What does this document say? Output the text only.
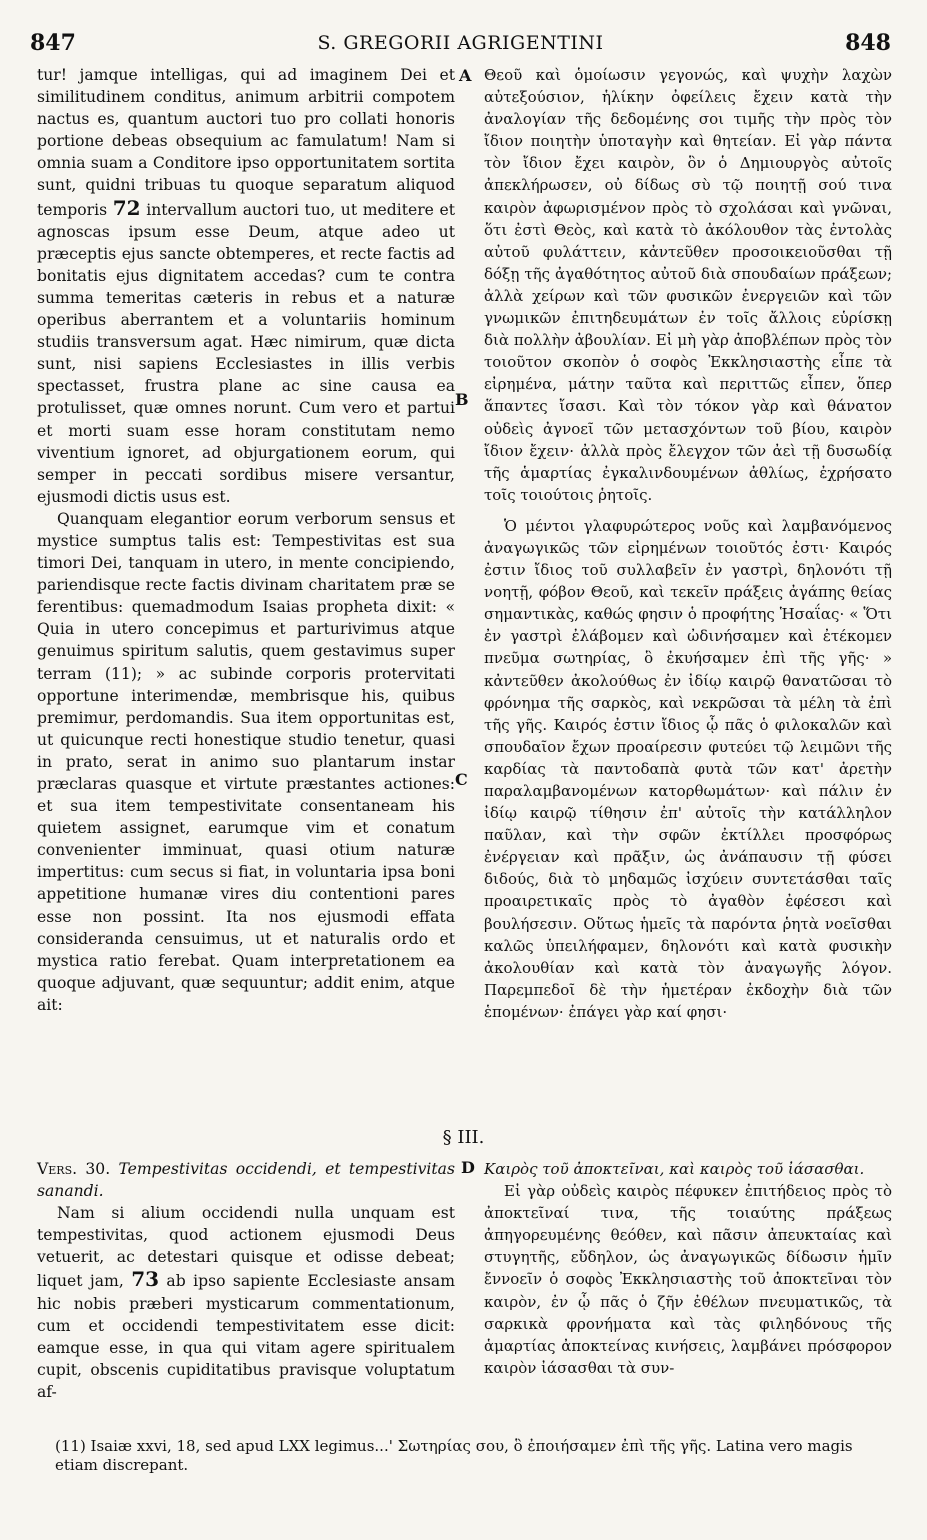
847	S. GREGORII AGRIGENTINI	848

tur! jamque intelligas, qui ad imaginem Dei et similitudinem conditus, animum arbitrii compotem nactus es, quantum auctori tuo pro collati honoris portione debeas obsequium ac famulatum! Nam si omnia suam a Conditore ipso opportunitatem sortita sunt, quidni tribuas tu quoque separatum aliquod temporis 72 intervallum auctori tuo, ut meditere et agnoscas ipsum esse Deum, atque adeo ut præceptis ejus sancte obtemperes, et recte factis ad bonitatis ejus dignitatem accedas? cum te contra summa temeritas cæteris in rebus et a naturæ operibus aberrantem et a voluntariis hominum studiis transversum agat. Hæc nimirum, quæ dicta sunt, nisi sapiens Ecclesiastes in illis verbis spectasset, frustra plane ac sine causa ea protulisset, quæ omnes norunt. Cum vero et partui et morti suam esse horam constitutam nemo viventium ignoret, ad objurgationem eorum, qui semper in peccati sordibus misere versantur, ejusmodi dictis usus est.

Quanquam elegantior eorum verborum sensus et mystice sumptus talis est: Tempestivitas est sua timori Dei, tanquam in utero, in mente concipiendo, pariendisque recte factis divinam charitatem præ se ferentibus: quemadmodum Isaias propheta dixit: « Quia in utero concepimus et parturivimus atque genuimus spiritum salutis, quem gestavimus super terram (11); » ac subinde corporis protervitati opportune interimendæ, membrisque his, quibus premimur, perdomandis. Sua item opportunitas est, ut quicunque recti honestique studio tenetur, quasi in prato, serat in animo suo plantarum instar præclaras quasque et virtute præstantes actiones: et sua item tempestivitate consentaneam his quietem assignet, earumque vim et conatum convenienter imminuat, quasi otium naturæ impertitus: cum secus si fiat, in voluntaria ipsa boni appetitione humanæ vires diu contentioni pares esse non possint. Ita nos ejusmodi effata consideranda censuimus, ut et naturalis ordo et mystica ratio ferebat. Quam interpretationem ea quoque adjuvant, quæ sequuntur; addit enim, atque ait:

Θεοῦ καὶ ὁμοίωσιν γεγονώς, καὶ ψυχὴν λαχὼν αὐτεξούσιον, ἡλίκην ὀφείλεις ἔχειν κατὰ τὴν ἀναλογίαν τῆς δεδομένης σοι τιμῆς τὴν πρὸς τὸν ἴδιον ποιητὴν ὑποταγὴν καὶ θητείαν. Εἰ γὰρ πάντα τὸν ἴδιον ἔχει καιρὸν, ὃν ὁ Δημιουργὸς αὐτοῖς ἀπεκλήρωσεν, οὐ δίδως σὺ τῷ ποιητῇ σού τινα καιρὸν ἀφωρισμένον πρὸς τὸ σχολάσαι καὶ γνῶναι, ὅτι ἐστὶ Θεὸς, καὶ κατὰ τὸ ἀκόλουθον τὰς ἐντολὰς αὐτοῦ φυλάττειν, κἀντεῦθεν προσοικειοῦσθαι τῇ δόξῃ τῆς ἀγαθότητος αὐτοῦ διὰ σπουδαίων πράξεων; ἀλλὰ χείρων καὶ τῶν φυσικῶν ἐνεργειῶν καὶ τῶν γνωμικῶν ἐπιτηδευμάτων ἐν τοῖς ἄλλοις εὑρίσκῃ διὰ πολλὴν ἀβουλίαν. Εἰ μὴ γὰρ ἀποβλέπων πρὸς τὸν τοιοῦτον σκοπὸν ὁ σοφὸς Ἐκκλησιαστὴς εἶπε τὰ εἰρημένα, μάτην ταῦτα καὶ περιττῶς εἶπεν, ὅπερ ἅπαντες ἴσασι. Καὶ τὸν τόκον γὰρ καὶ θάνατον οὐδεὶς ἀγνοεῖ τῶν μετασχόντων τοῦ βίου, καιρὸν ἴδιον ἔχειν· ἀλλὰ πρὸς ἔλεγχον τῶν ἀεὶ τῇ δυσωδίᾳ τῆς ἁμαρτίας ἐγκαλινδουμένων ἀθλίως, ἐχρήσατο τοῖς τοιούτοις ῥητοῖς.

Ὁ μέντοι γλαφυρώτερος νοῦς καὶ λαμβανόμενος ἀναγωγικῶς τῶν εἰρημένων τοιοῦτός ἐστι· Καιρός ἐστιν ἴδιος τοῦ συλλαβεῖν ἐν γαστρὶ, δηλονότι τῇ νοητῇ, φόβον Θεοῦ, καὶ τεκεῖν πράξεις ἀγάπης θείας σημαντικὰς, καθώς φησιν ὁ προφήτης Ἡσαΐας· « Ὅτι ἐν γαστρὶ ἐλάβομεν καὶ ὠδινήσαμεν καὶ ἐτέκομεν πνεῦμα σωτηρίας, ὃ ἐκυήσαμεν ἐπὶ τῆς γῆς· » κἀντεῦθεν ἀκολούθως ἐν ἰδίῳ καιρῷ θανατῶσαι τὸ φρόνημα τῆς σαρκὸς, καὶ νεκρῶσαι τὰ μέλη τὰ ἐπὶ τῆς γῆς. Καιρός ἐστιν ἴδιος ᾧ πᾶς ὁ φιλοκαλῶν καὶ σπουδαῖον ἔχων προαίρεσιν φυτεύει τῷ λειμῶνι τῆς καρδίας τὰ παντοδαπὰ φυτὰ τῶν κατ' ἀρετὴν παραλαμβανομένων κατορθωμάτων· καὶ πάλιν ἐν ἰδίῳ καιρῷ τίθησιν ἐπ' αὐτοῖς τὴν κατάλληλον παῦλαν, καὶ τὴν σφῶν ἐκτίλλει προσφόρως ἐνέργειαν καὶ πρᾶξιν, ὡς ἀνάπαυσιν τῇ φύσει διδούς, διὰ τὸ μηδαμῶς ἰσχύειν συντετάσθαι ταῖς προαιρετικαῖς πρὸς τὸ ἀγαθὸν ἐφέσεσι καὶ βουλήσεσιν. Οὕτως ἡμεῖς τὰ παρόντα ῥητὰ νοεῖσθαι καλῶς ὑπειλήφαμεν, δηλονότι καὶ κατὰ φυσικὴν ἀκολουθίαν καὶ κατὰ τὸν ἀναγωγῆς λόγον. Παρεμπεδοῖ δὲ τὴν ἡμετέραν ἐκδοχὴν διὰ τῶν ἑπομένων· ἐπάγει γὰρ καί φησι·

A
B
C
D
§ III.

Vers. 30. Tempestivitas occidendi, et tempestivitas sanandi.

Nam si alium occidendi nulla unquam est tempestivitas, quod actionem ejusmodi Deus vetuerit, ac detestari quisque et odisse debeat; liquet jam, 73 ab ipso sapiente Ecclesiaste ansam hic nobis præberi mysticarum commentationum, cum et occidendi tempestivitatem esse dicit: eamque esse, in qua qui vitam agere spiritualem cupit, obscenis cupiditatibus pravisque voluptatum af-

Καιρὸς τοῦ ἀποκτεῖναι, καὶ καιρὸς τοῦ ἰάσασθαι.

Εἰ γὰρ οὐδεὶς καιρὸς πέφυκεν ἐπιτήδειος πρὸς τὸ ἀποκτεῖναί τινα, τῆς τοιαύτης πράξεως ἀπηγορευμένης θεόθεν, καὶ πᾶσιν ἀπευκταίας καὶ στυγητῆς, εὔδηλον, ὡς ἀναγωγικῶς δίδωσιν ἡμῖν ἔννοεῖν ὁ σοφὸς Ἐκκλησιαστὴς τοῦ ἀποκτεῖναι τὸν καιρὸν, ἐν ᾧ πᾶς ὁ ζῆν ἐθέλων πνευματικῶς, τὰ σαρκικὰ φρονήματα καὶ τὰς φιληδόνους τῆς ἁμαρτίας ἀποκτείνας κινήσεις, λαμβάνει πρόσφορον καιρὸν ἰάσασθαι τὰ συν-

(11) Isaiæ xxvi, 18, sed apud LXX legimus...' Σωτηρίας σου, ὃ ἐποιήσαμεν ἐπὶ τῆς γῆς. Latina vero magis etiam discrepant.
